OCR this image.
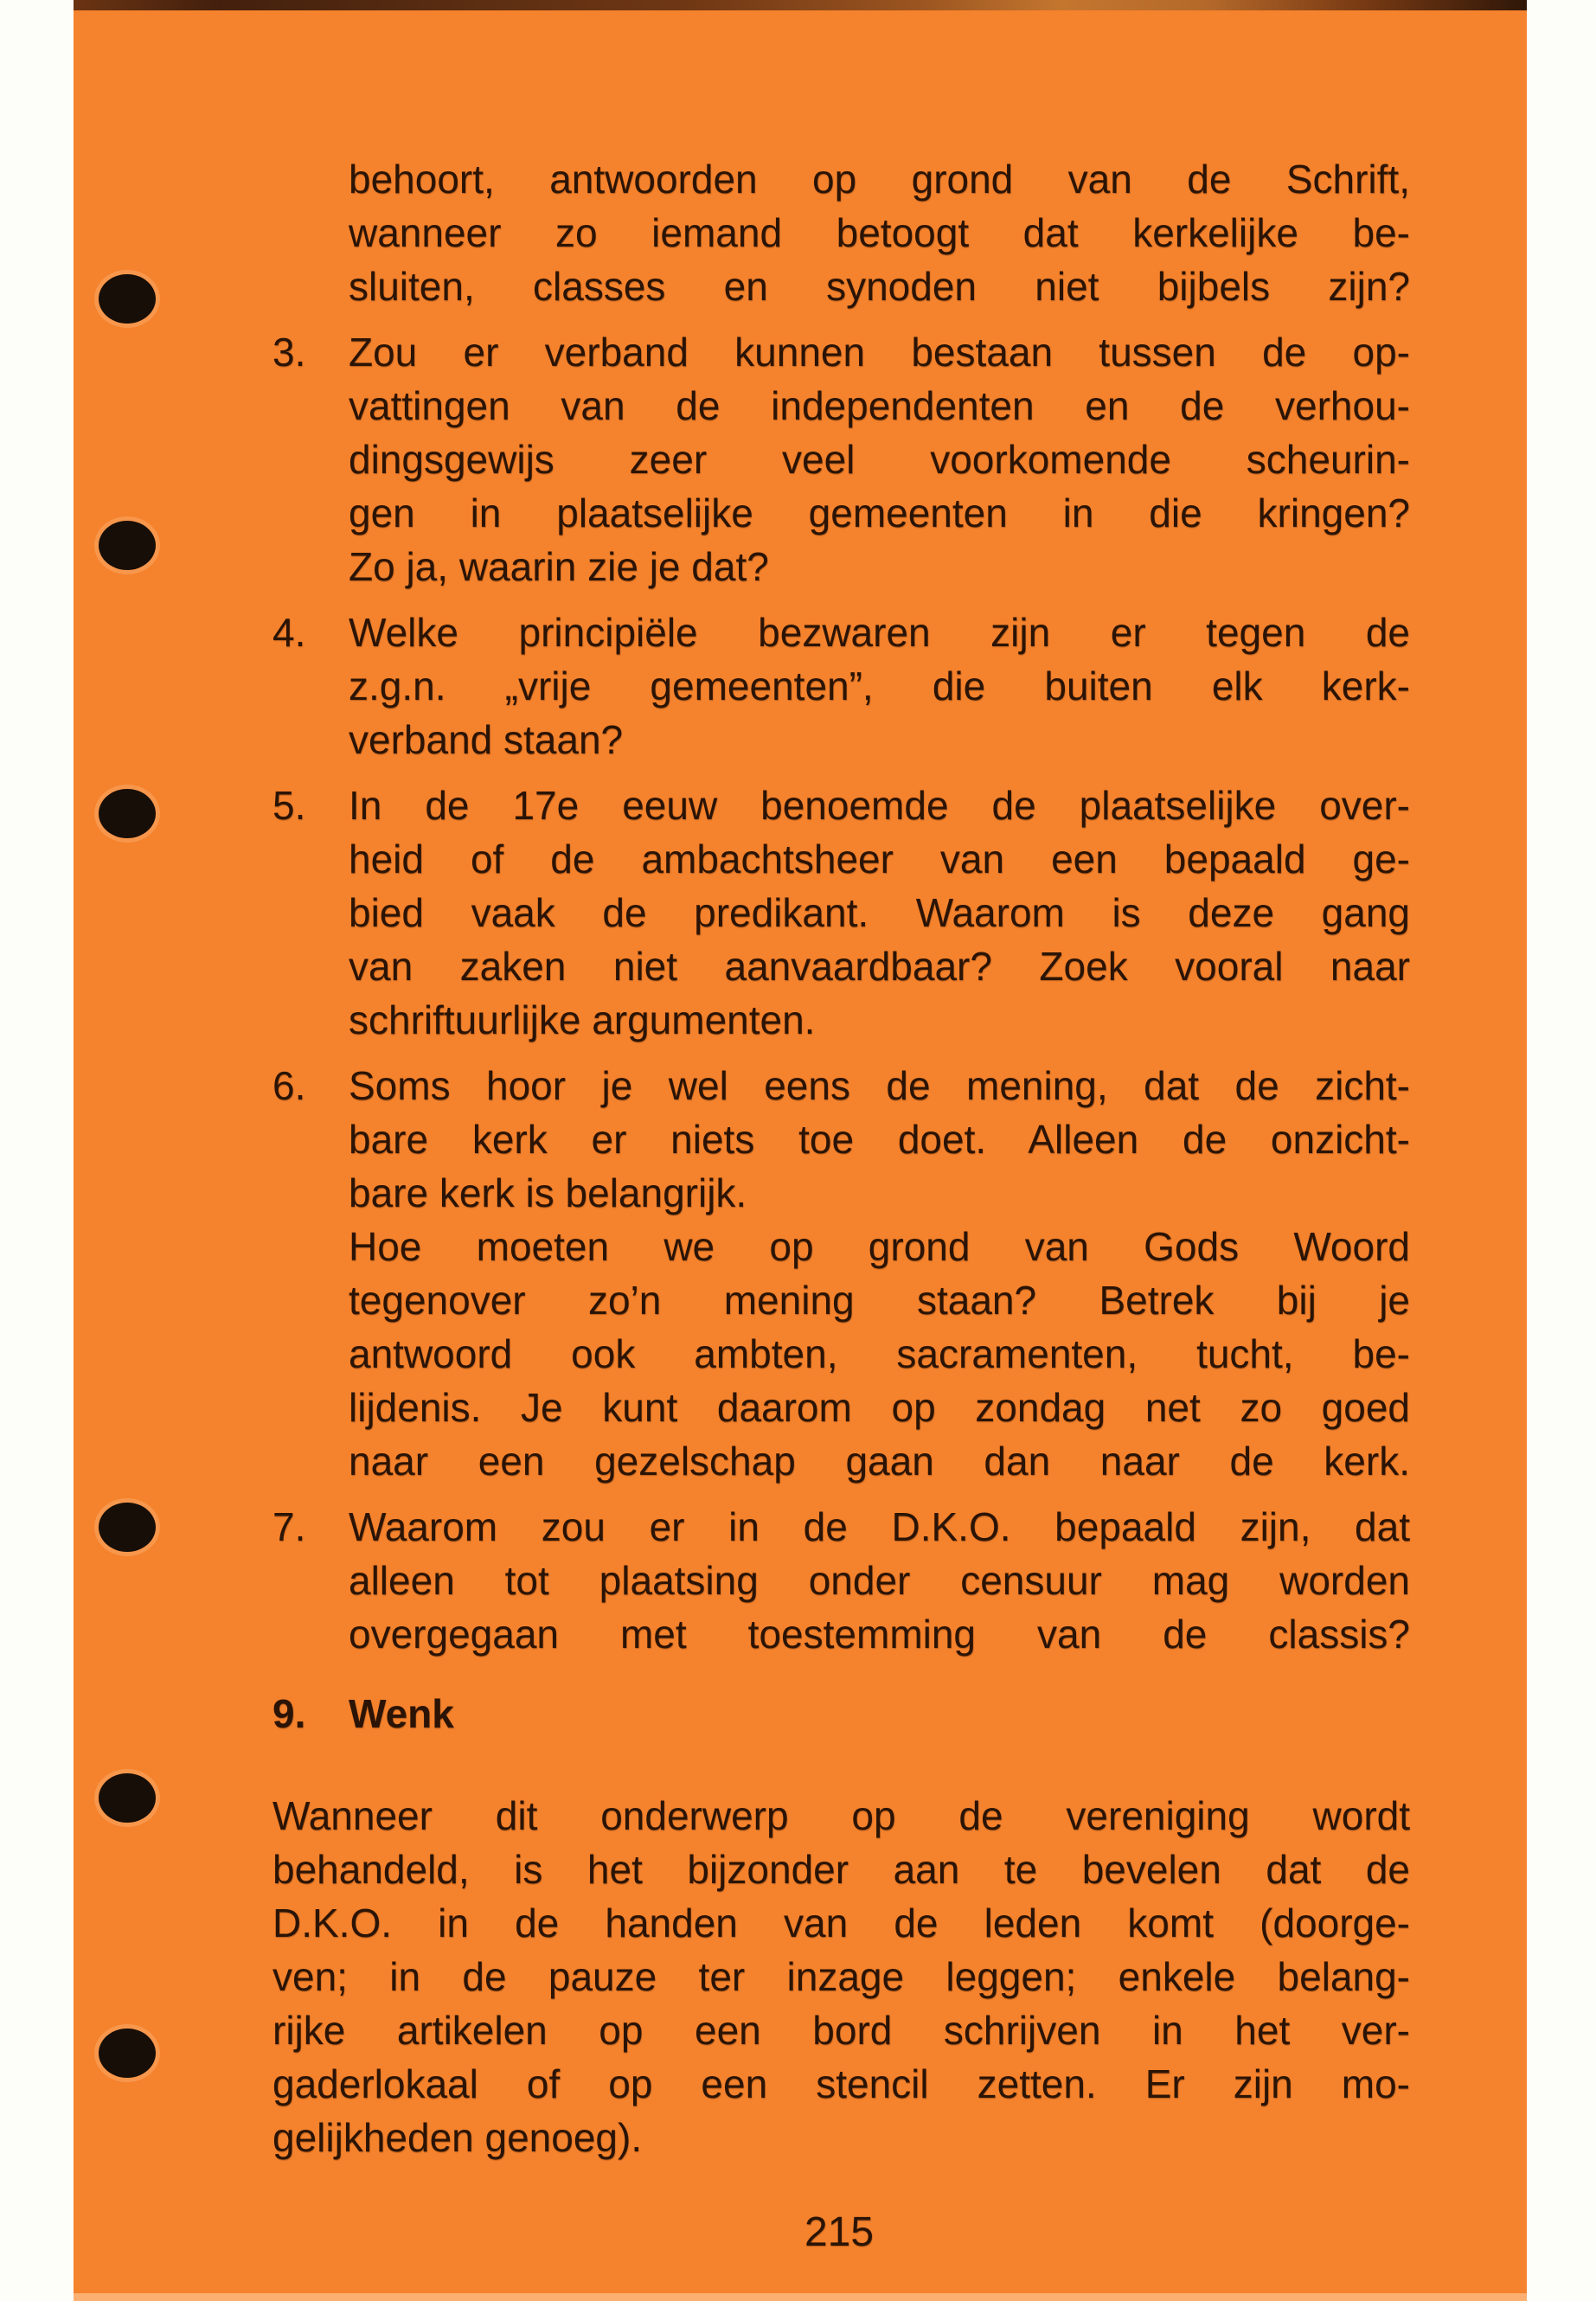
behoort, antwoorden op grond van de Schrift,
wanneer zo iemand betoogt dat kerkelijke be-
sluiten, classes en synoden niet bijbels zijn?
3.	Zou er verband kunnen bestaan tussen de op-
vattingen van de independenten en de verhou-
dingsgewijs zeer veel voorkomende scheurin-
gen in plaatselijke gemeenten in die kringen?
Zo ja, waarin zie je dat?
4.	Welke principiële bezwaren zijn er tegen de
z.g.n. „vrije gemeenten”, die buiten elk kerk-
verband staan?
5.	In de 17e eeuw benoemde de plaatselijke over-
heid of de ambachtsheer van een bepaald ge-
bied vaak de predikant. Waarom is deze gang
van zaken niet aanvaardbaar? Zoek vooral naar
schriftuurlijke argumenten.
6.	Soms hoor je wel eens de mening, dat de zicht-
bare kerk er niets toe doet. Alleen de onzicht-
bare kerk is belangrijk.
Hoe moeten we op grond van Gods Woord
tegenover zo’n mening staan? Betrek bij je
antwoord ook ambten, sacramenten, tucht, be-
lijdenis. Je kunt daarom op zondag net zo goed
naar een gezelschap gaan dan naar de kerk.
7.	Waarom zou er in de D.K.O. bepaald zijn, dat
alleen tot plaatsing onder censuur mag worden
overgegaan met toestemming van de classis?
9.	Wenk
Wanneer dit onderwerp op de vereniging wordt
behandeld, is het bijzonder aan te bevelen dat de
D.K.O. in de handen van de leden komt (doorge-
ven; in de pauze ter inzage leggen; enkele belang-
rijke artikelen op een bord schrijven in het ver-
gaderlokaal of op een stencil zetten. Er zijn mo-
gelijkheden genoeg).
215
